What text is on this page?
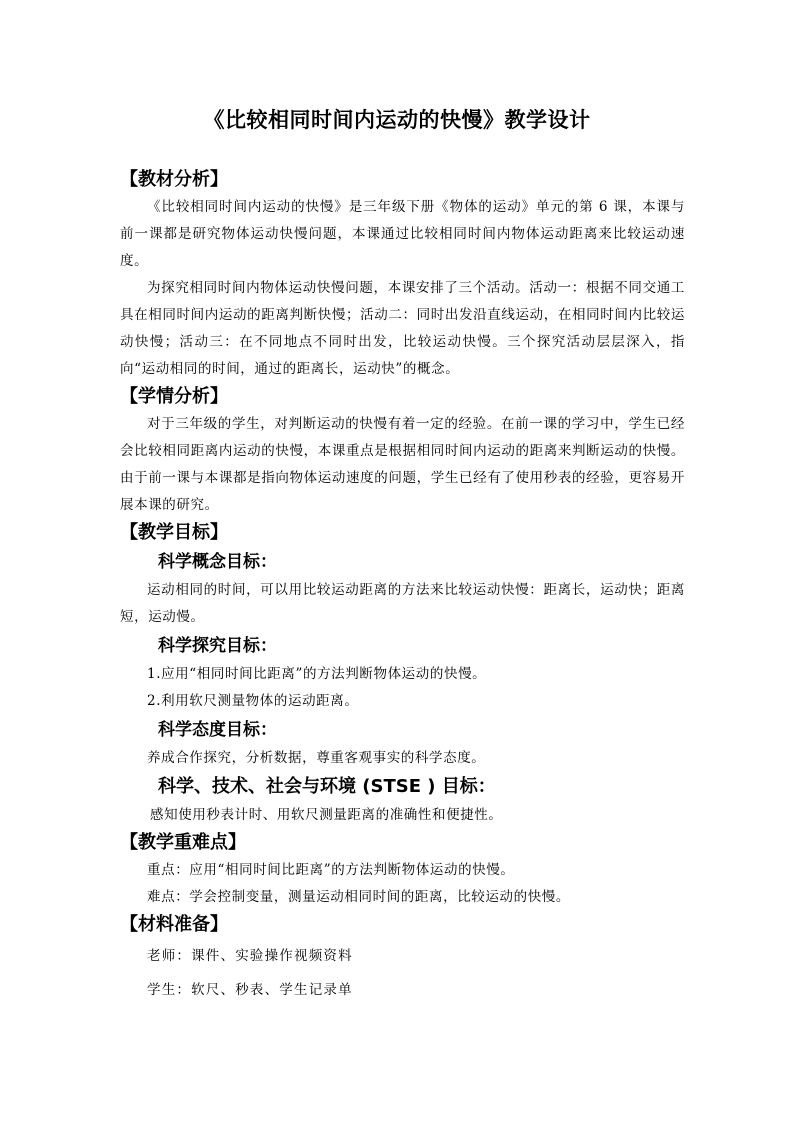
《比较相同时间内运动的快慢》教学设计
【教材分析】
《比较相同时间内运动的快慢》是三年级下册《物体的运动》单元的第 6 课，本课与前一课都是研究物体运动快慢问题，本课通过比较相同时间内物体运动距离来比较运动速度。
为探究相同时间内物体运动快慢问题，本课安排了三个活动。活动一：根据不同交通工具在相同时间内运动的距离判断快慢；活动二：同时出发沿直线运动，在相同时间内比较运动快慢；活动三：在不同地点不同时出发，比较运动快慢。三个探究活动层层深入，指向“运动相同的时间，通过的距离长，运动快”的概念。
【学情分析】
对于三年级的学生，对判断运动的快慢有着一定的经验。在前一课的学习中，学生已经会比较相同距离内运动的快慢，本课重点是根据相同时间内运动的距离来判断运动的快慢。由于前一课与本课都是指向物体运动速度的问题，学生已经有了使用秒表的经验，更容易开展本课的研究。
【教学目标】
科学概念目标：
运动相同的时间，可以用比较运动距离的方法来比较运动快慢：距离长，运动快；距离短，运动慢。
科学探究目标：
1.应用“相同时间比距离”的方法判断物体运动的快慢。
2.利用软尺测量物体的运动距离。
科学态度目标：
养成合作探究，分析数据，尊重客观事实的科学态度。
科学、技术、社会与环境 (STSE ) 目标：
感知使用秒表计时、用软尺测量距离的准确性和便捷性。
【教学重难点】
重点：应用“相同时间比距离”的方法判断物体运动的快慢。
难点：学会控制变量，测量运动相同时间的距离，比较运动的快慢。
【材料准备】
老师：课件、实验操作视频资料
学生：软尺、秒表、学生记录单
